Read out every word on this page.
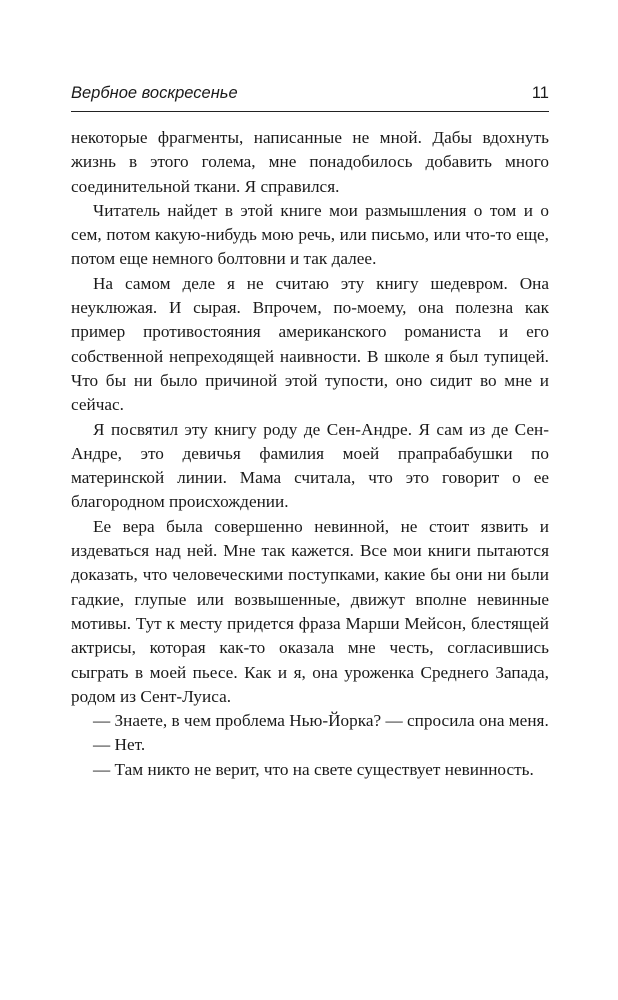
Вербное воскресенье	11

некоторые фрагменты, написанные не мной. Дабы вдохнуть жизнь в этого голема, мне понадобилось добавить много соединительной ткани. Я справился.

Читатель найдет в этой книге мои размышления о том и о сем, потом какую-нибудь мою речь, или письмо, или что-то еще, потом еще немного болтовни и так далее.

На самом деле я не считаю эту книгу шедевром. Она неуклюжая. И сырая. Впрочем, по-моему, она полезна как пример противостояния американского романиста и его собственной непреходящей наивности. В школе я был тупицей. Что бы ни было причиной этой тупости, оно сидит во мне и сейчас.

Я посвятил эту книгу роду де Сен-Андре. Я сам из де Сен-Андре, это девичья фамилия моей прапрабабушки по материнской линии. Мама считала, что это говорит о ее благородном происхождении.

Ее вера была совершенно невинной, не стоит язвить и издеваться над ней. Мне так кажется. Все мои книги пытаются доказать, что человеческими поступками, какие бы они ни были гадкие, глупые или возвышенные, движут вполне невинные мотивы. Тут к месту придется фраза Марши Мейсон, блестящей актрисы, которая как-то оказала мне честь, согласившись сыграть в моей пьесе. Как и я, она уроженка Среднего Запада, родом из Сент-Луиса.

— Знаете, в чем проблема Нью-Йорка? — спросила она меня.

— Нет.

— Там никто не верит, что на свете существует невинность.
